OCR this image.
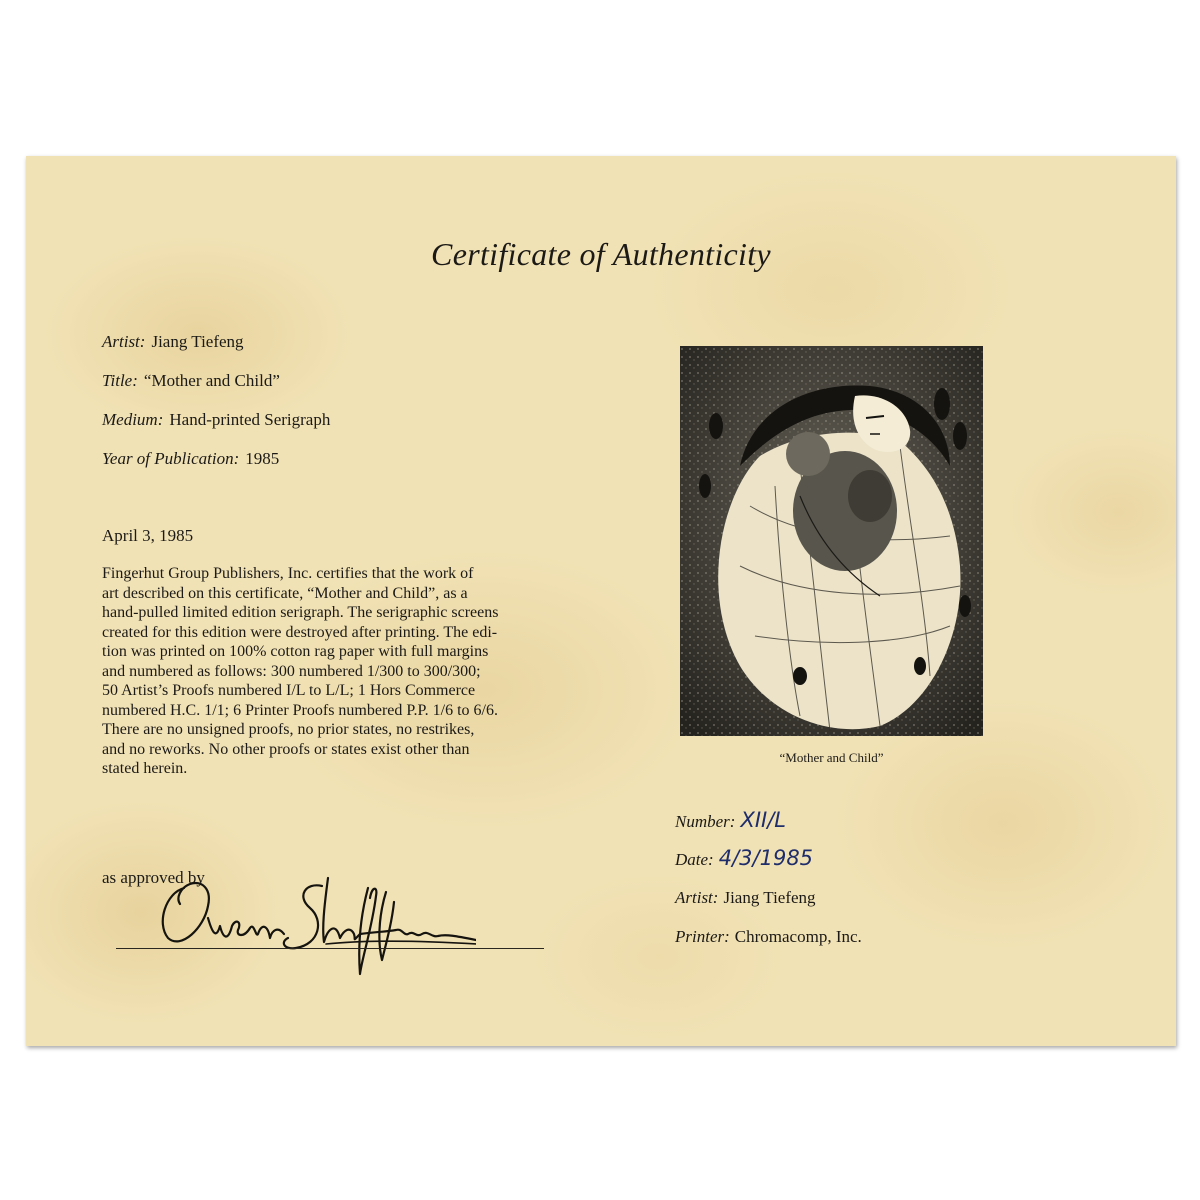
Certificate of Authenticity
Artist: Jiang Tiefeng
Title: “Mother and Child”
Medium: Hand-printed Serigraph
Year of Publication: 1985
April 3, 1985

Fingerhut Group Publishers, Inc. certifies that the work of
art described on this certificate, “Mother and Child”, as a
hand-pulled limited edition serigraph. The serigraphic screens
created for this edition were destroyed after printing. The edi-
tion was printed on 100% cotton rag paper with full margins
and numbered as follows: 300 numbered 1/300 to 300/300;
50 Artist’s Proofs numbered I/L to L/L; 1 Hors Commerce
numbered H.C. 1/1; 6 Printer Proofs numbered P.P. 1/6 to 6/6.
There are no unsigned proofs, no prior states, no restrikes,
and no reworks. No other proofs or states exist other than
stated herein.

as approved by
“Mother and Child”
Number: XII/L
Date: 4/3/1985
Artist: Jiang Tiefeng
Printer: Chromacomp, Inc.
